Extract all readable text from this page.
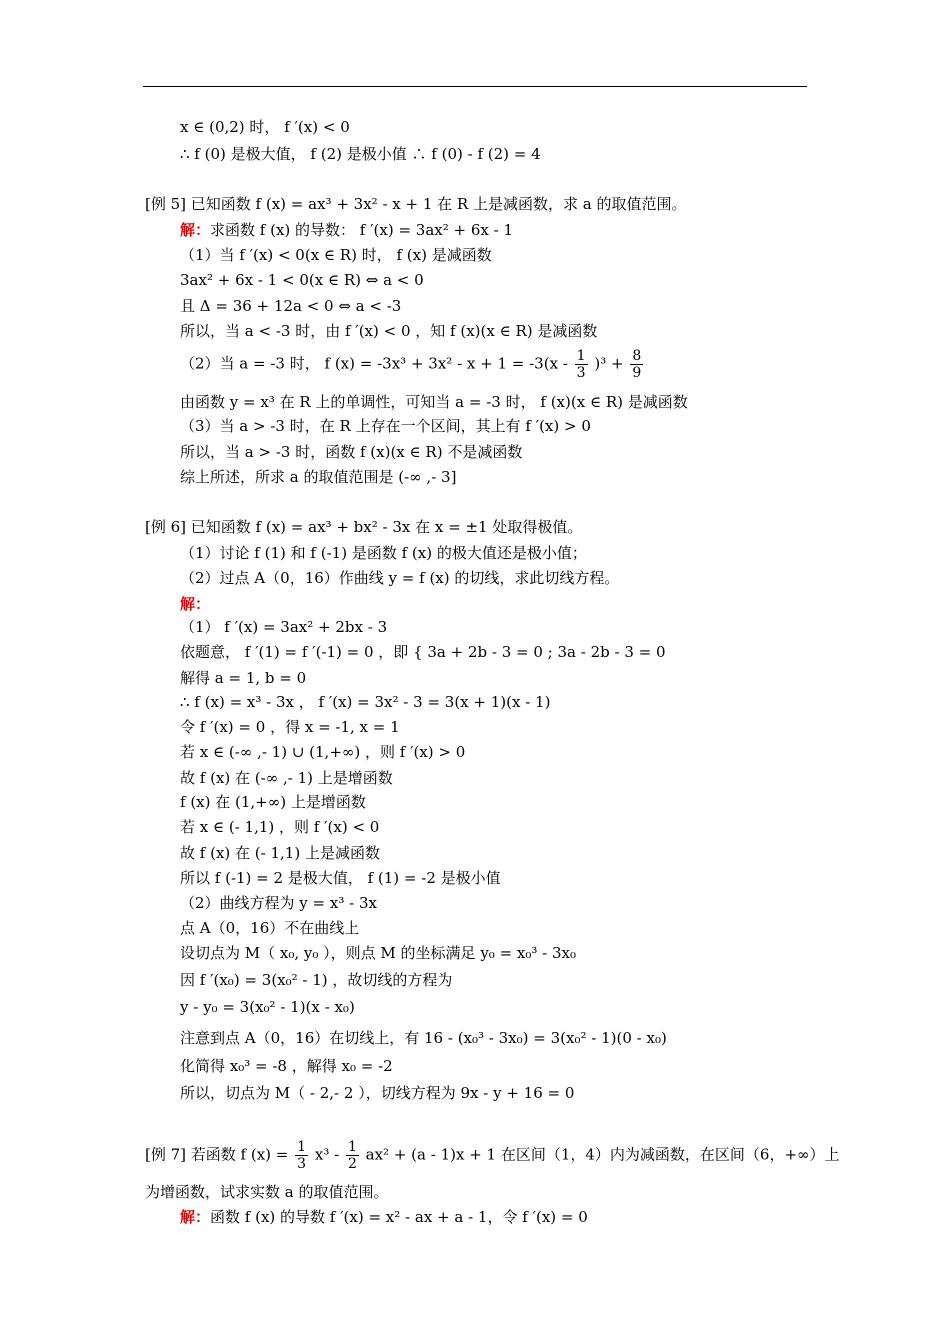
x ∈ (0,2) 时， f ′(x) < 0
∴ f (0) 是极大值， f (2) 是极小值 ∴ f (0) - f (2) = 4
[例 5] 已知函数 f (x) = ax³ + 3x² - x + 1 在 R 上是减函数，求 a 的取值范围。
解：求函数 f (x) 的导数： f ′(x) = 3ax² + 6x - 1
（1）当 f ′(x) < 0(x ∈ R) 时， f (x) 是减函数
3ax² + 6x - 1 < 0(x ∈ R) ⇔ a < 0
且 Δ = 36 + 12a < 0 ⇔ a < -3
所以，当 a < -3 时，由 f ′(x) < 0 ，知 f (x)(x ∈ R) 是减函数
（2）当 a = -3 时， f $(x) = -3x^3 + 3x^2 - x + 1 = -3(x - \frac{1}{3} )^3 + \frac{8}{9}$
由函数 y = x³ 在 R 上的单调性，可知当 a = -3 时， f (x)(x ∈ R) 是减函数
（3）当 a > -3 时，在 R 上存在一个区间，其上有 f ′(x) > 0
所以，当 a > -3 时，函数 f (x)(x ∈ R) 不是减函数
综上所述，所求 a 的取值范围是 (-∞ ,- 3]
[例 6] 已知函数 f (x) = ax³ + bx² - 3x 在 x = ±1 处取得极值。
（1）讨论 f (1) 和 f (-1) 是函数 f (x) 的极大值还是极小值；
（2）过点 A（0，16）作曲线 y = f (x) 的切线，求此切线方程。
解：
（1） f ′(x) = 3ax² + 2bx - 3
依题意， f ′(1) = f ′(-1) = 0 ，即 { 3a + 2b - 3 = 0 ; 3a - 2b - 3 = 0
解得 a = 1, b = 0
∴ f (x) = x³ - 3x ， f ′(x) = 3x² - 3 = 3(x + 1)(x - 1)
令 f ′(x) = 0 ，得 x = -1, x = 1
若 x ∈ (-∞ ,- 1) ∪ (1,+∞) ，则 f ′(x) > 0
故 f (x) 在 (-∞ ,- 1) 上是增函数
f (x) 在 (1,+∞) 上是增函数
若 x ∈ (- 1,1) ，则 f ′(x) < 0
故 f (x) 在 (- 1,1) 上是减函数
所以 f (-1) = 2 是极大值， f (1) = -2 是极小值
（2）曲线方程为 y = x³ - 3x
点 A（0，16）不在曲线上
设切点为 M（ x₀, y₀ ），则点 M 的坐标满足 y₀ = x₀³ - 3x₀
因 f ′(x₀) = 3(x₀² - 1) ，故切线的方程为
y - y₀ = 3(x₀² - 1)(x - x₀)
注意到点 A（0，16）在切线上，有 16 - (x₀³ - 3x₀) = 3(x₀² - 1)(0 - x₀)
化简得 x₀³ = -8 ，解得 x₀ = -2
所以，切点为 M（ - 2,- 2 ），切线方程为 9x - y + 16 = 0
[例 7] 若函数 f $(x) = \frac{1}{3} x^3 - \frac{1}{2} ax^2 + (a - 1)x + 1$ 在区间（1，4）内为减函数，在区间（6，+∞）上
为增函数，试求实数 a 的取值范围。
解：函数 f (x) 的导数 f ′(x) = x² - ax + a - 1，令 f ′(x) = 0
